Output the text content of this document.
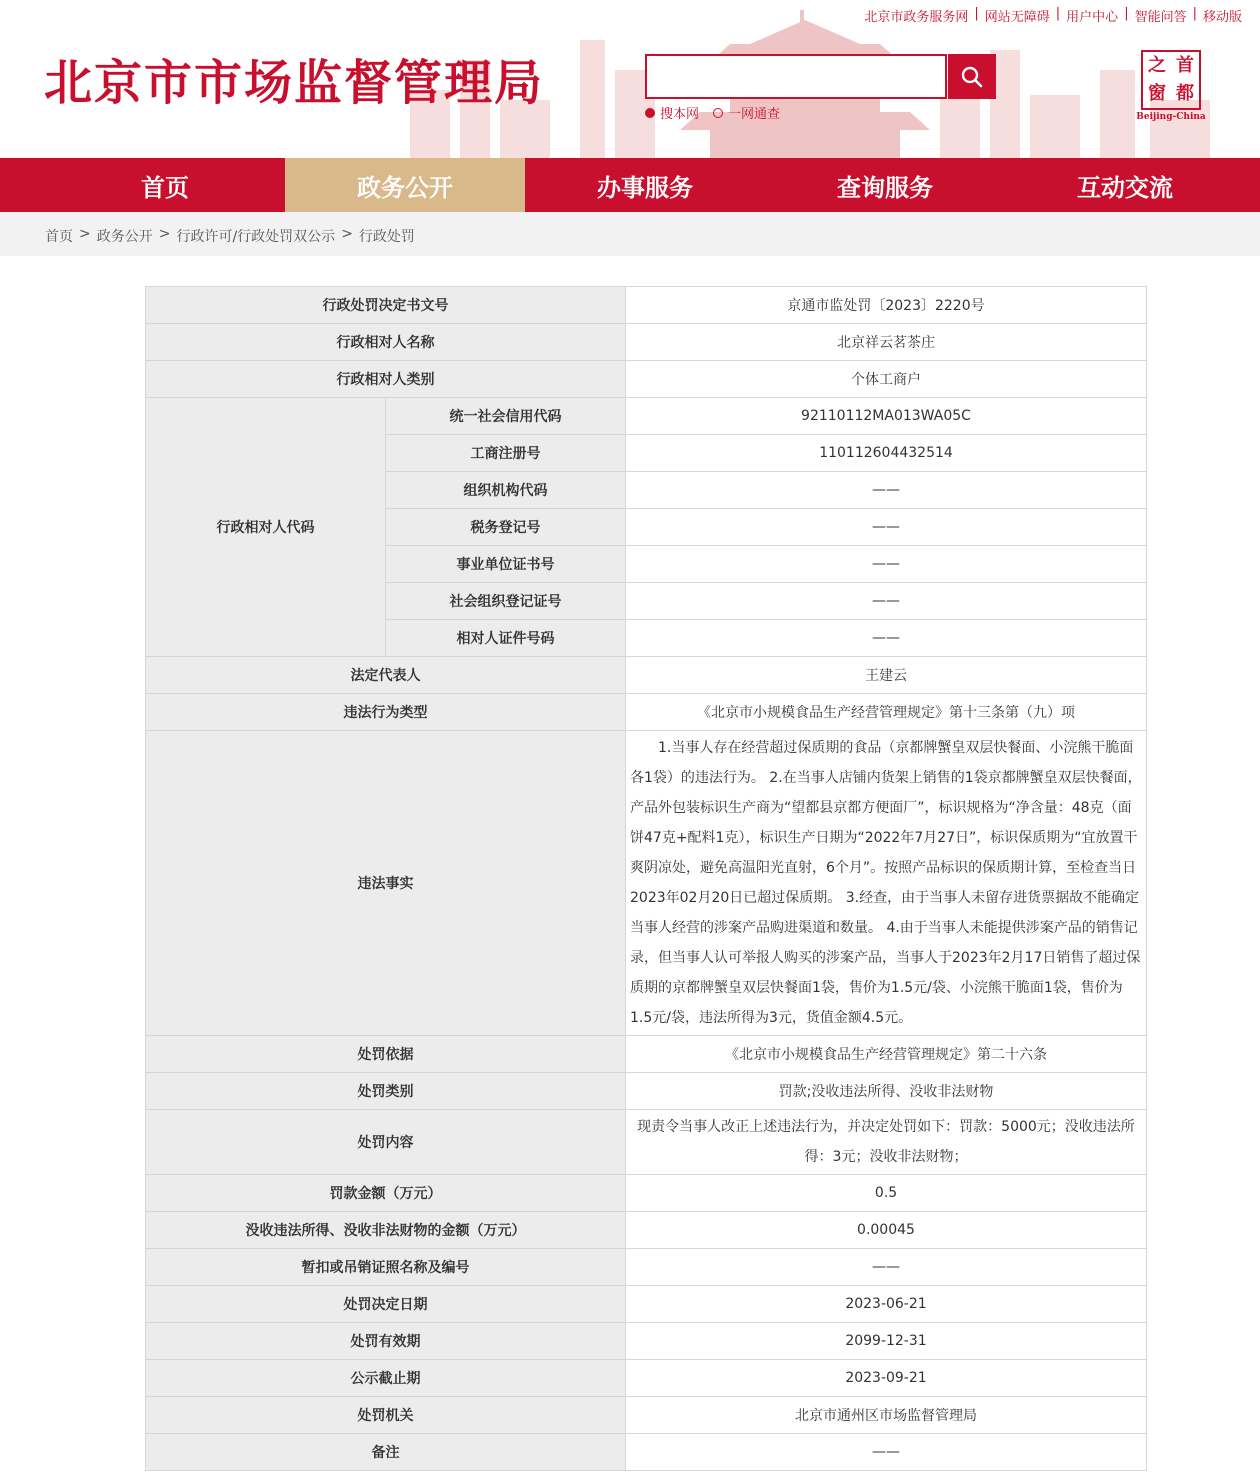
北京市市场监督管理局
北京市政务服务网 | 网站无障碍 | 用户中心 | 智能问答 | 移动版
搜本网 一网通查
之 首
窗 都
Beijing-China
首页	政务公开	办事服务	查询服务	互动交流
首页 > 政务公开 > 行政许可/行政处罚双公示 > 行政处罚
行政处罚决定书文号		京通市监处罚〔2023〕2220号
行政相对人名称		北京祥云茗茶庄
行政相对人类别		个体工商户
行政相对人代码	统一社会信用代码	92110112MA013WA05C
	工商注册号	110112604432514
	组织机构代码	——
	税务登记号	——
	事业单位证书号	——
	社会组织登记证号	——
	相对人证件号码	——
法定代表人		王建云
违法行为类型		《北京市小规模食品生产经营管理规定》第十三条第（九）项
违法事实		1.当事人存在经营超过保质期的食品（京都牌蟹皇双层快餐面、小浣熊干脆面各1袋）的违法行为。 2.在当事人店铺内货架上销售的1袋京都牌蟹皇双层快餐面，产品外包装标识生产商为“望都县京都方便面厂”，标识规格为“净含量：48克（面饼47克+配料1克），标识生产日期为“2022年7月27日”，标识保质期为“宜放置干爽阴凉处，避免高温阳光直射，6个月”。按照产品标识的保质期计算，至检查当日2023年02月20日已超过保质期。 3.经查，由于当事人未留存进货票据故不能确定当事人经营的涉案产品购进渠道和数量。 4.由于当事人未能提供涉案产品的销售记录，但当事人认可举报人购买的涉案产品，当事人于2023年2月17日销售了超过保质期的京都牌蟹皇双层快餐面1袋，售价为1.5元/袋、小浣熊干脆面1袋，售价为1.5元/袋，违法所得为3元，货值金额4.5元。
处罚依据		《北京市小规模食品生产经营管理规定》第二十六条
处罚类别		罚款;没收违法所得、没收非法财物
处罚内容		现责令当事人改正上述违法行为，并决定处罚如下：罚款：5000元；没收违法所得：3元；没收非法财物；
罚款金额（万元）		0.5
没收违法所得、没收非法财物的金额（万元）		0.00045
暂扣或吊销证照名称及编号		——
处罚决定日期		2023-06-21
处罚有效期		2099-12-31
公示截止期		2023-09-21
处罚机关		北京市通州区市场监督管理局
备注		——
